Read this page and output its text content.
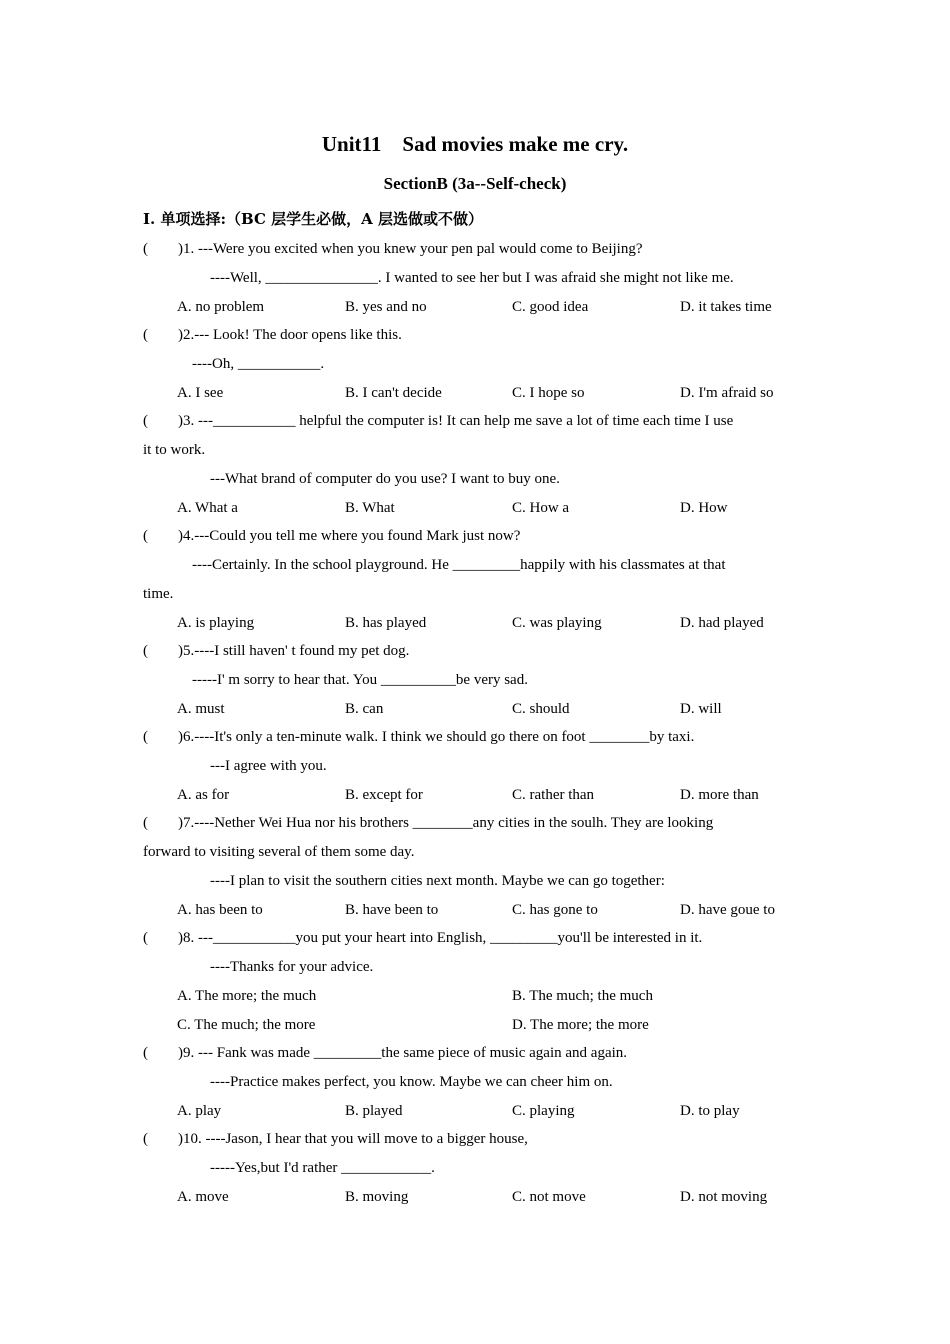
Unit11　Sad movies make me cry.
SectionB (3a--Self-check)
I. 单项选择:（BC 层学生必做，A 层选做或不做）
(　　)1. ---Were you excited when you knew your pen pal would come to Beijing?
----Well, _______________. I wanted to see her but I was afraid she might not like me.
A. no problem	B. yes and no	C. good idea	D. it takes time
(　　)2.--- Look! The door opens like this.
----Oh, ___________.
A. I see	B. I can't decide	C. I hope so	D. I'm afraid so
(　　)3. ---___________ helpful the computer is! It can help me save a lot of time each time I use
it to work.
---What brand of computer do you use? I want to buy one.
A. What a	B. What	C. How a	D. How
(　　)4.---Could you tell me where you found Mark just now?
----Certainly. In the school playground. He _________happily with his classmates at that
time.
A. is playing	B. has played	C. was playing	D. had played
(　　)5.----I still haven' t found my pet dog.
-----I' m sorry to hear that. You __________be very sad.
A. must	B. can	C. should	D. will
(　　)6.----It's only a ten-minute walk. I think we should go there on foot ________by taxi.
---I agree with you.
A. as for	B. except for	C. rather than	D. more than
(　　)7.----Nether Wei Hua nor his brothers ________any cities in the soulh. They are looking
forward to visiting several of them some day.
----I plan to visit the southern cities next month. Maybe we can go together:
A. has been to	B. have been to	C. has gone to	D. have goue to
(　　)8. ---___________you put your heart into English, _________you'll be interested in it.
----Thanks for your advice.
A. The more; the much	B. The much; the much
C. The much; the more	D. The more; the more
(　　)9. --- Fank was made _________the same piece of music again and again.
----Practice makes perfect, you know. Maybe we can cheer him on.
A. play	B. played	C. playing	D. to play
(　　)10. ----Jason, I hear that you will move to a bigger house,
-----Yes,but I'd rather ____________.
A. move	B. moving	C. not move	D. not moving
